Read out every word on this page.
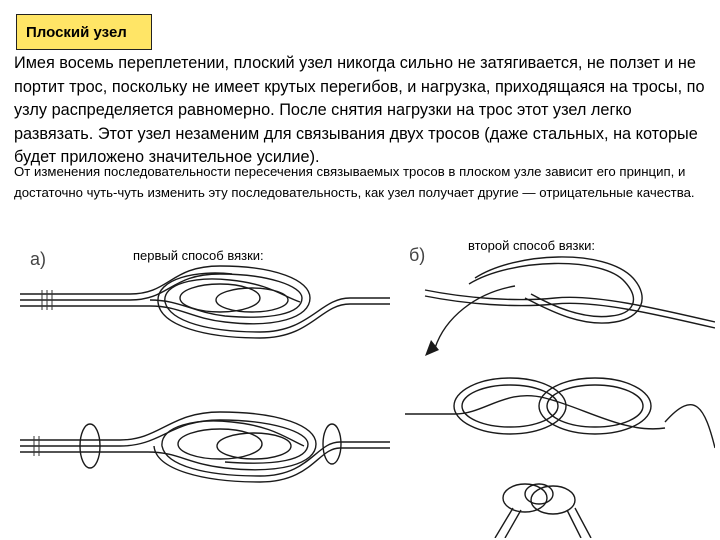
Плоский узел

Имея восемь переплетении, плоский узел никогда сильно не затягивается, не ползет и не портит трос, поскольку не имеет крутых перегибов, и нагрузка, приходящаяся на тросы, по узлу распределяется равномерно. После снятия нагрузки на трос этот узел легко развязать. Этот узел незаменим для связывания двух тросов (даже стальных, на которые будет приложено значительное усилие).

От изменения последовательности пересечения связываемых тросов в плоском узле зависит его принцип, и достаточно чуть-чуть изменить эту последовательность, как узел получает другие — отрицательные качества.

а)	первый способ вязки:	б)	второй способ вязки:
